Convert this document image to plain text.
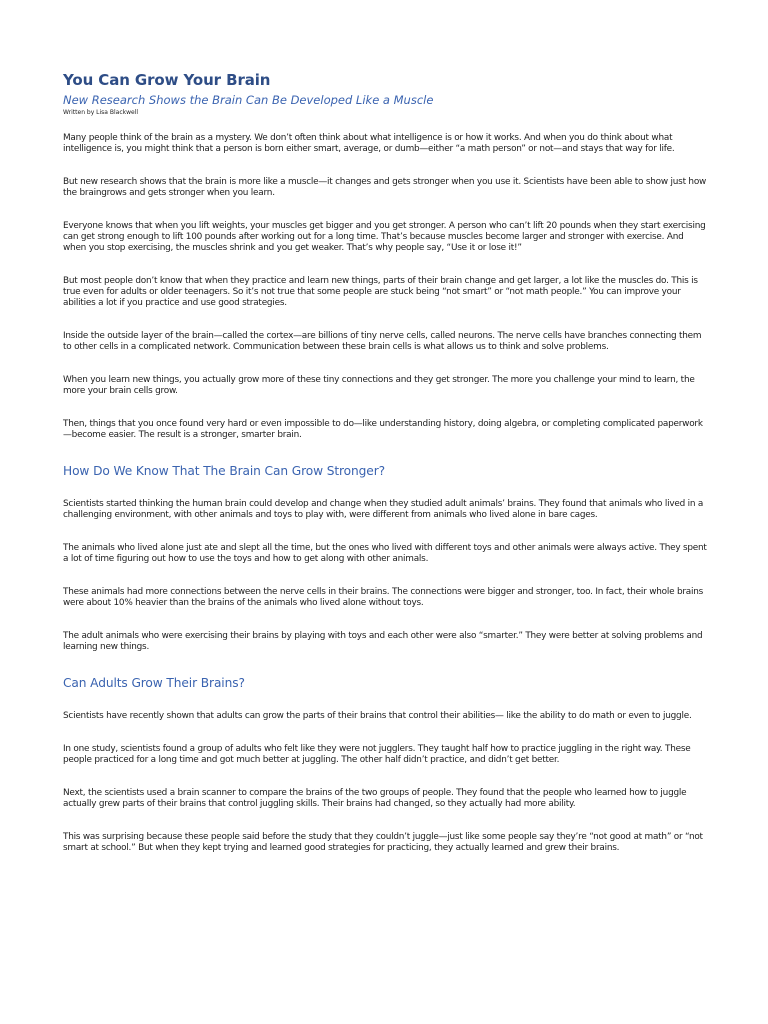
You Can Grow Your Brain
New Research Shows the Brain Can Be Developed Like a Muscle
Written by Lisa Blackwell

Many people think of the brain as a mystery. We don’t often think about what intelligence is or how it works. And when you do think about what intelligence is, you might think that a person is born either smart, average, or dumb—either “a math person” or not—and stays that way for life.

But new research shows that the brain is more like a muscle—it changes and gets stronger when you use it. Scientists have been able to show just how the braingrows and gets stronger when you learn.

Everyone knows that when you lift weights, your muscles get bigger and you get stronger. A person who can’t lift 20 pounds when they start exercising can get strong enough to lift 100 pounds after working out for a long time. That’s because muscles become larger and stronger with exercise. And when you stop exercising, the muscles shrink and you get weaker. That’s why people say, “Use it or lose it!”

But most people don’t know that when they practice and learn new things, parts of their brain change and get larger, a lot like the muscles do. This is true even for adults or older teenagers. So it’s not true that some people are stuck being “not smart” or “not math people.” You can improve your abilities a lot if you practice and use good strategies.

Inside the outside layer of the brain—called the cortex—are billions of tiny nerve cells, called neurons. The nerve cells have branches connecting them to other cells in a complicated network. Communication between these brain cells is what allows us to think and solve problems.

When you learn new things, you actually grow more of these tiny connections and they get stronger. The more you challenge your mind to learn, the more your brain cells grow.

Then, things that you once found very hard or even impossible to do—like understanding history, doing algebra, or completing complicated paperwork—become easier. The result is a stronger, smarter brain.

How Do We Know That The Brain Can Grow Stronger?

Scientists started thinking the human brain could develop and change when they studied adult animals’ brains. They found that animals who lived in a challenging environment, with other animals and toys to play with, were different from animals who lived alone in bare cages.

The animals who lived alone just ate and slept all the time, but the ones who lived with different toys and other animals were always active. They spent a lot of time figuring out how to use the toys and how to get along with other animals.

These animals had more connections between the nerve cells in their brains. The connections were bigger and stronger, too. In fact, their whole brains were about 10% heavier than the brains of the animals who lived alone without toys.

The adult animals who were exercising their brains by playing with toys and each other were also “smarter.” They were better at solving problems and learning new things.

Can Adults Grow Their Brains?

Scientists have recently shown that adults can grow the parts of their brains that control their abilities— like the ability to do math or even to juggle.

In one study, scientists found a group of adults who felt like they were not jugglers. They taught half how to practice juggling in the right way. These people practiced for a long time and got much better at juggling. The other half didn’t practice, and didn’t get better.

Next, the scientists used a brain scanner to compare the brains of the two groups of people. They found that the people who learned how to juggle actually grew parts of their brains that control juggling skills. Their brains had changed, so they actually had more ability.

This was surprising because these people said before the study that they couldn’t juggle—just like some people say they’re “not good at math” or “not smart at school.” But when they kept trying and learned good strategies for practicing, they actually learned and grew their brains.
